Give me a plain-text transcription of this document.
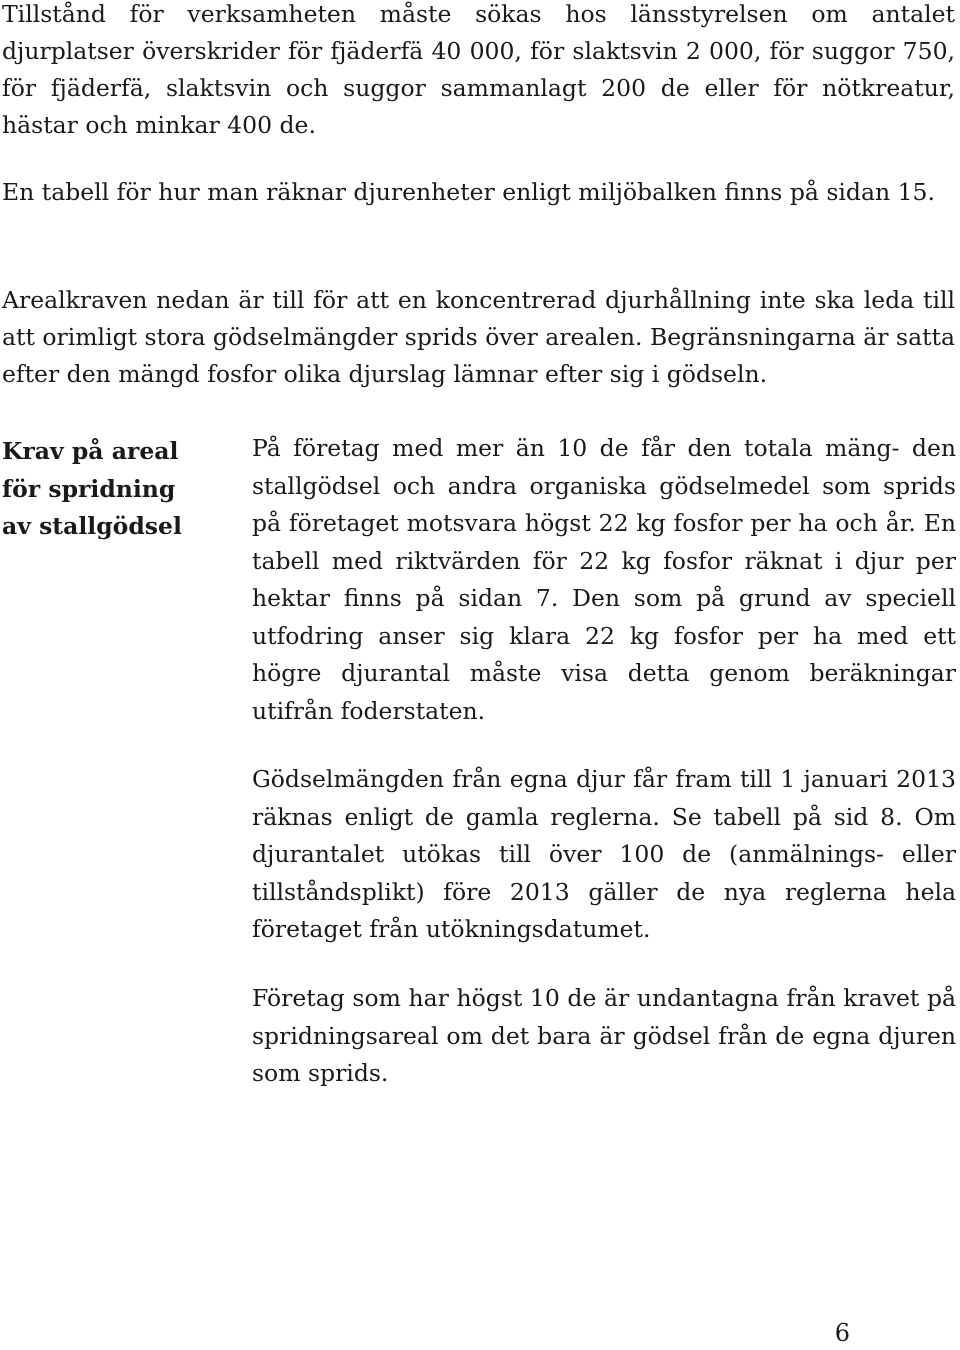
Tillstånd för verksamheten måste sökas hos länsstyrelsen om antalet djurplatser överskrider för fjäderfä 40 000, för slaktsvin 2 000, för suggor 750, för fjäderfä, slaktsvin och suggor sammanlagt 200 de eller för nötkreatur, hästar och minkar 400 de.

En tabell för hur man räknar djurenheter enligt miljöbalken finns på sidan 15.

Arealkraven nedan är till för att en koncentrerad djurhållning inte ska leda till att orimligt stora gödselmängder sprids över arealen. Begränsningarna är satta efter den mängd fosfor olika djurslag lämnar efter sig i gödseln.

Krav på areal
för spridning
av stallgödsel

På företag med mer än 10 de får den totala mäng- den stallgödsel och andra organiska gödselmedel som sprids på företaget motsvara högst 22 kg fosfor per ha och år. En tabell med riktvärden för 22 kg fosfor räknat i djur per hektar finns på sidan 7. Den som på grund av speciell utfodring anser sig klara 22 kg fosfor per ha med ett högre djurantal måste visa detta genom beräkningar utifrån foderstaten.

Gödselmängden från egna djur får fram till 1 januari 2013 räknas enligt de gamla reglerna. Se tabell på sid 8. Om djurantalet utökas till över 100 de (anmälnings- eller tillståndsplikt) före 2013 gäller de nya reglerna hela företaget från utökningsdatumet.

Företag som har högst 10 de är undantagna från kravet på spridningsareal om det bara är gödsel från de egna djuren som sprids.

6
